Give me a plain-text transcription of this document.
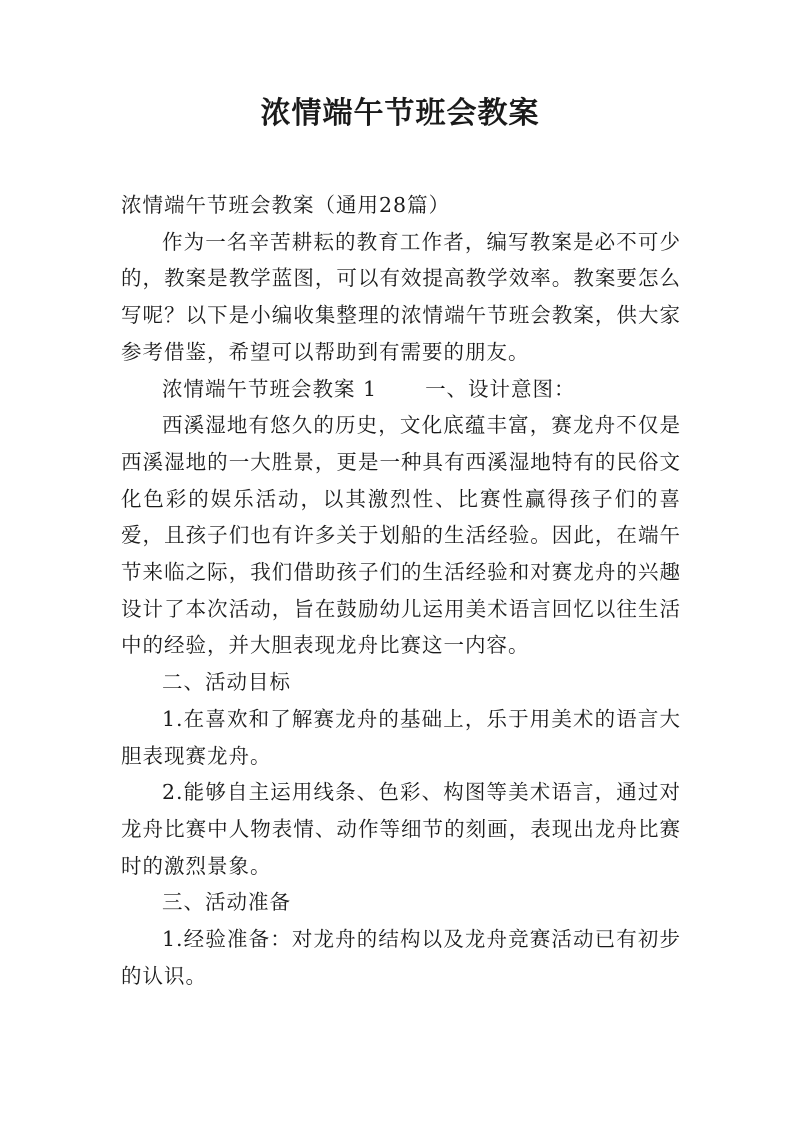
浓情端午节班会教案

浓情端午节班会教案（通用28篇）

作为一名辛苦耕耘的教育工作者，编写教案是必不可少的，教案是教学蓝图，可以有效提高教学效率。教案要怎么写呢？以下是小编收集整理的浓情端午节班会教案，供大家参考借鉴，希望可以帮助到有需要的朋友。

浓情端午节班会教案 1 一、设计意图：

西溪湿地有悠久的历史，文化底蕴丰富，赛龙舟不仅是西溪湿地的一大胜景，更是一种具有西溪湿地特有的民俗文化色彩的娱乐活动，以其激烈性、比赛性赢得孩子们的喜爱，且孩子们也有许多关于划船的生活经验。因此，在端午节来临之际，我们借助孩子们的生活经验和对赛龙舟的兴趣设计了本次活动，旨在鼓励幼儿运用美术语言回忆以往生活中的经验，并大胆表现龙舟比赛这一内容。

二、活动目标

1.在喜欢和了解赛龙舟的基础上，乐于用美术的语言大胆表现赛龙舟。

2.能够自主运用线条、色彩、构图等美术语言，通过对龙舟比赛中人物表情、动作等细节的刻画，表现出龙舟比赛时的激烈景象。

三、活动准备

1.经验准备：对龙舟的结构以及龙舟竞赛活动已有初步的认识。
